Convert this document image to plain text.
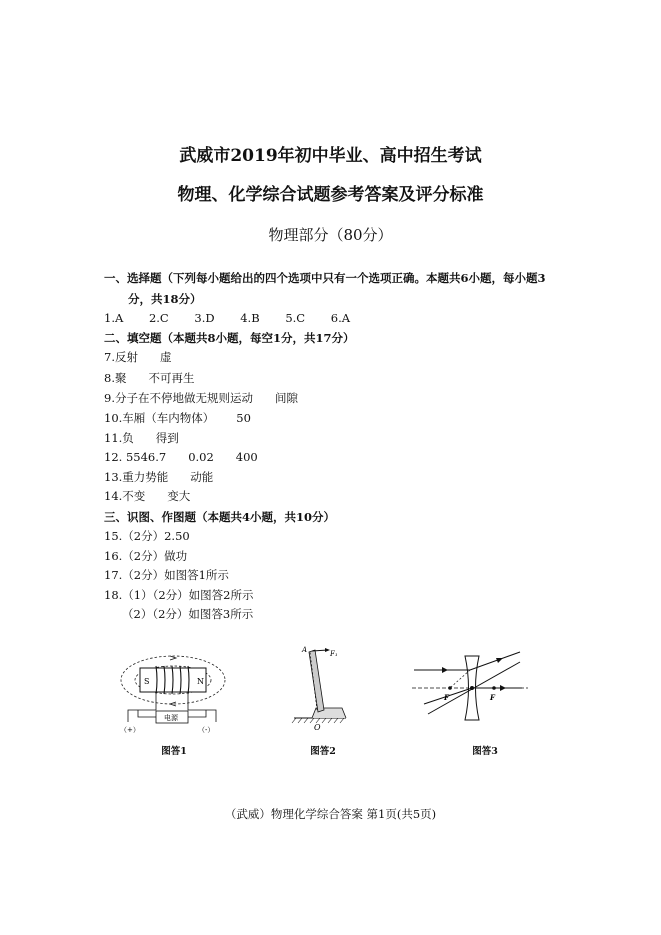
武威市2019年初中毕业、高中招生考试
物理、化学综合试题参考答案及评分标准
物理部分（80分）
一、选择题（下列每小题给出的四个选项中只有一个选项正确。本题共6小题，每小题3
分，共18分）
1.A 2.C 3.D 4.B 5.C 6.A
二、填空题（本题共8小题，每空1分，共17分）
7.反射 虚
8.聚 不可再生
9.分子在不停地做无规则运动 间隙
10.车厢（车内物体） 50
11.负 得到
12. 5546.7 0.02 400
13.重力势能 动能
14.不变 变大
三、识图、作图题（本题共4小题，共10分）
15.（2分）2.50
16.（2分）做功
17.（2分）如图答1所示
18.（1）（2分）如图答2所示
（2）（2分）如图答3所示
S	N
电源
（+）	（-）
图答1
A	F₁
O
图答2
F	F
图答3
（武威）物理化学综合答案 第1页(共5页)
